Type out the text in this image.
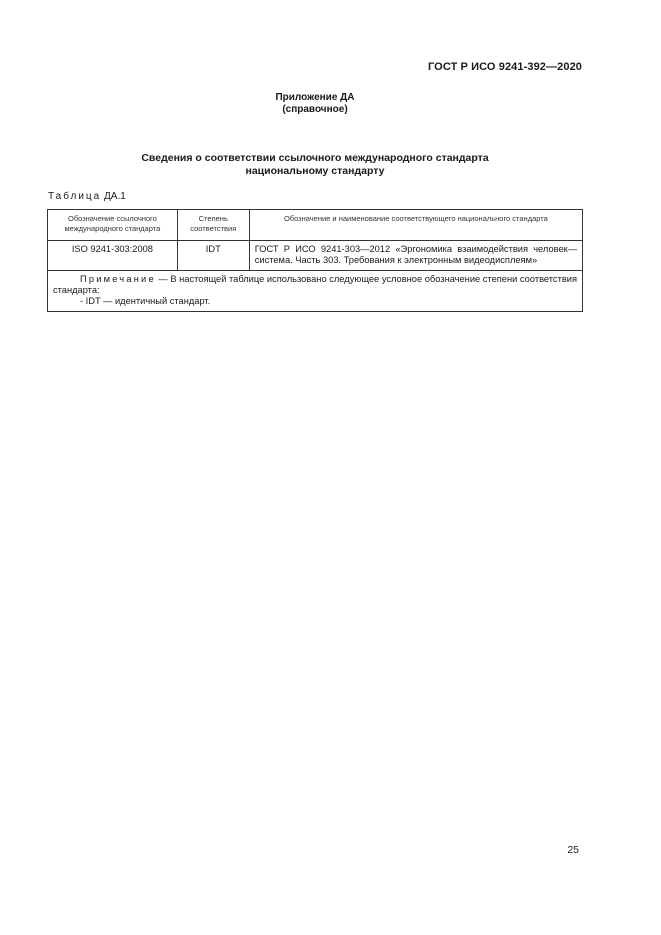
ГОСТ Р ИСО 9241-392—2020
Приложение ДА
(справочное)
Сведения о соответствии ссылочного международного стандарта
национальному стандарту
Таблица ДА.1
Обозначение ссылочного международного стандарта	Степень соответствия	Обозначение и наименование соответствующего национального стандарта
ISO 9241-303:2008	IDT	ГОСТ Р ИСО 9241-303—2012 «Эргономика взаимодействия человек—система. Часть 303. Требования к электронным видеодисплеям»

Примечание — В настоящей таблице использовано следующее условное обозначение степени соответствия стандарта:
- IDT — идентичный стандарт.		
25
